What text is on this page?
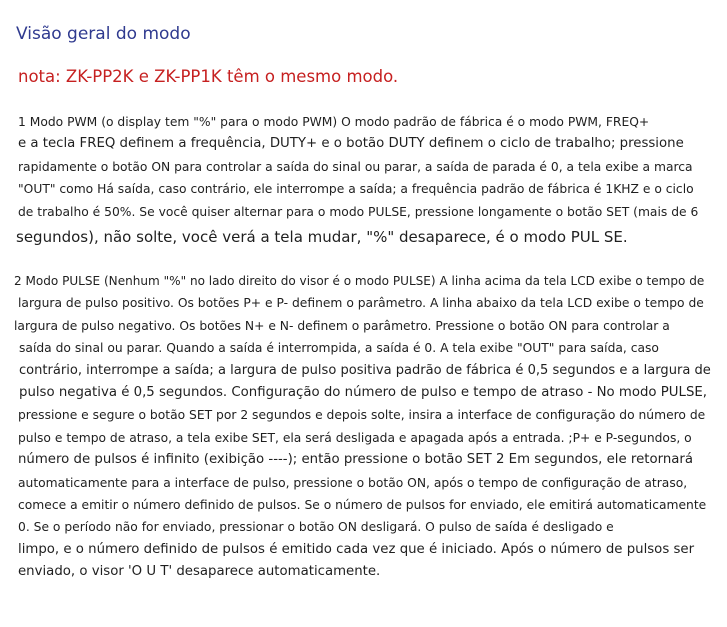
Visão geral do modo

nota: ZK-PP2K e ZK-PP1K têm o mesmo modo.

1 Modo PWM (o display tem "%" para o modo PWM) O modo padrão de fábrica é o modo PWM, FREQ+
e a tecla FREQ definem a frequência, DUTY+ e o botão DUTY definem o ciclo de trabalho; pressione
rapidamente o botão ON para controlar a saída do sinal ou parar, a saída de parada é 0, a tela exibe a marca
"OUT" como Há saída, caso contrário, ele interrompe a saída; a frequência padrão de fábrica é 1KHZ e o ciclo
de trabalho é 50%. Se você quiser alternar para o modo PULSE, pressione longamente o botão SET (mais de 6
segundos), não solte, você verá a tela mudar, "%" desaparece, é o modo PUL SE.
2 Modo PULSE (Nenhum "%" no lado direito do visor é o modo PULSE) A linha acima da tela LCD exibe o tempo de
largura de pulso positivo. Os botões P+ e P- definem o parâmetro. A linha abaixo da tela LCD exibe o tempo de
largura de pulso negativo. Os botões N+ e N- definem o parâmetro. Pressione o botão ON para controlar a
saída do sinal ou parar. Quando a saída é interrompida, a saída é 0. A tela exibe "OUT" para saída, caso
contrário, interrompe a saída; a largura de pulso positiva padrão de fábrica é 0,5 segundos e a largura de
pulso negativa é 0,5 segundos. Configuração do número de pulso e tempo de atraso - No modo PULSE,
pressione e segure o botão SET por 2 segundos e depois solte, insira a interface de configuração do número de
pulso e tempo de atraso, a tela exibe SET, ela será desligada e apagada após a entrada. ;P+ e P-segundos, o
número de pulsos é infinito (exibição ----); então pressione o botão SET 2 Em segundos, ele retornará
automaticamente para a interface de pulso, pressione o botão ON, após o tempo de configuração de atraso,
comece a emitir o número definido de pulsos. Se o número de pulsos for enviado, ele emitirá automaticamente
0. Se o período não for enviado, pressionar o botão ON desligará. O pulso de saída é desligado e
limpo, e o número definido de pulsos é emitido cada vez que é iniciado. Após o número de pulsos ser
enviado, o visor 'O U T' desaparece automaticamente.
